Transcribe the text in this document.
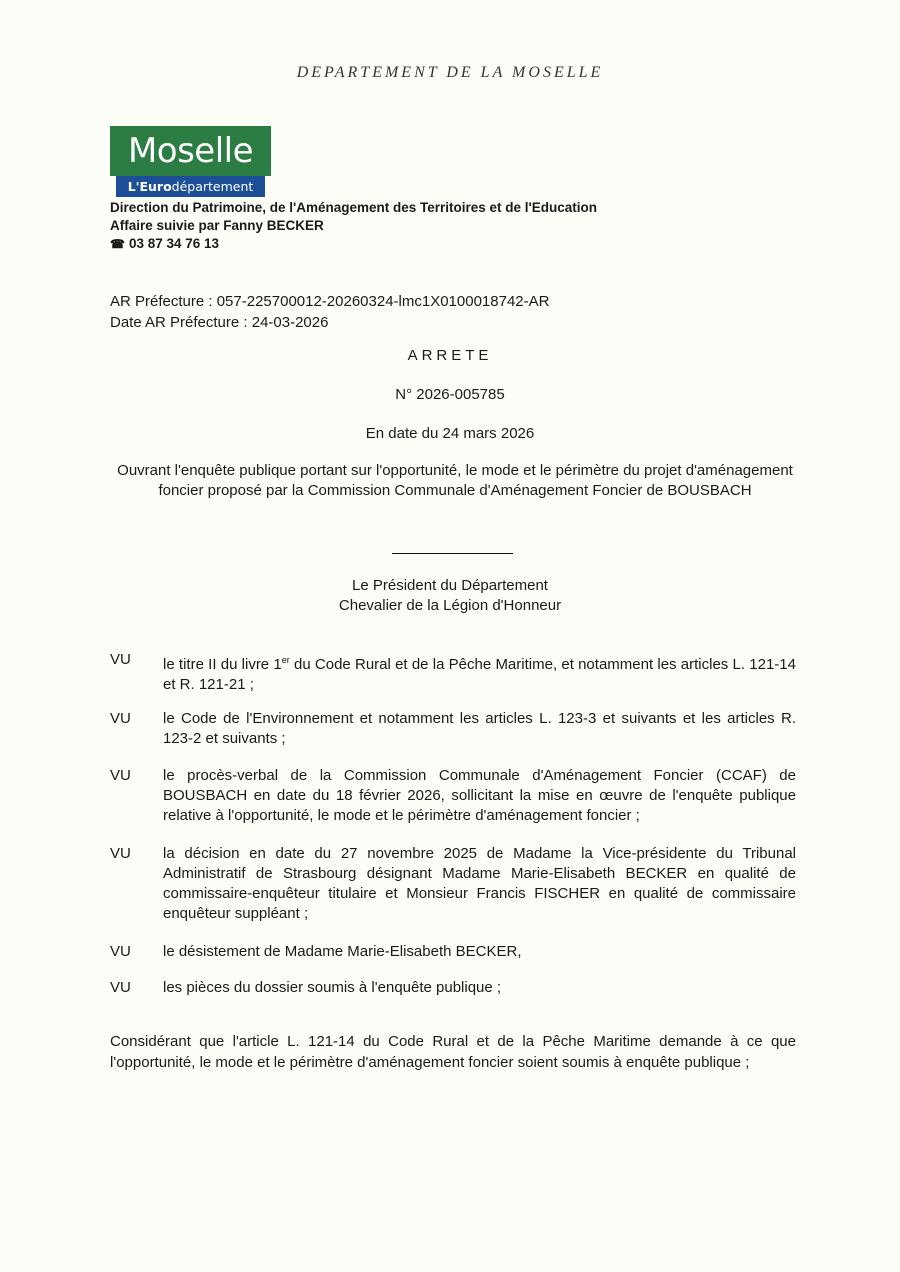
DEPARTEMENT DE LA MOSELLE
Moselle
L'Euro département
Direction du Patrimoine, de l'Aménagement des Territoires et de l'Education
Affaire suivie par Fanny BECKER
☎ 03 87 34 76 13
AR Préfecture : 057-225700012-20260324-lmc1X0100018742-AR
Date AR Préfecture : 24-03-2026
ARRETE
N° 2026-005785
En date du 24 mars 2026
Ouvrant l'enquête publique portant sur l'opportunité, le mode et le périmètre du projet d'aménagement foncier proposé par la Commission Communale d'Aménagement Foncier de BOUSBACH
Le Président du Département
Chevalier de la Légion d'Honneur
VU	le titre II du livre 1er du Code Rural et de la Pêche Maritime, et notamment les articles L. 121-14 et R. 121-21 ;
VU	le Code de l'Environnement et notamment les articles L. 123-3 et suivants et les articles R. 123-2 et suivants ;
VU	le procès-verbal de la Commission Communale d'Aménagement Foncier (CCAF) de BOUSBACH en date du 18 février 2026, sollicitant la mise en œuvre de l'enquête publique relative à l'opportunité, le mode et le périmètre d'aménagement foncier ;
VU	la décision en date du 27 novembre 2025 de Madame la Vice-présidente du Tribunal Administratif de Strasbourg désignant Madame Marie-Elisabeth BECKER en qualité de commissaire-enquêteur titulaire et Monsieur Francis FISCHER en qualité de commissaire enquêteur suppléant ;
VU	le désistement de Madame Marie-Elisabeth BECKER,
VU	les pièces du dossier soumis à l'enquête publique ;
Considérant que l'article L. 121-14 du Code Rural et de la Pêche Maritime demande à ce que l'opportunité, le mode et le périmètre d'aménagement foncier soient soumis à enquête publique ;
